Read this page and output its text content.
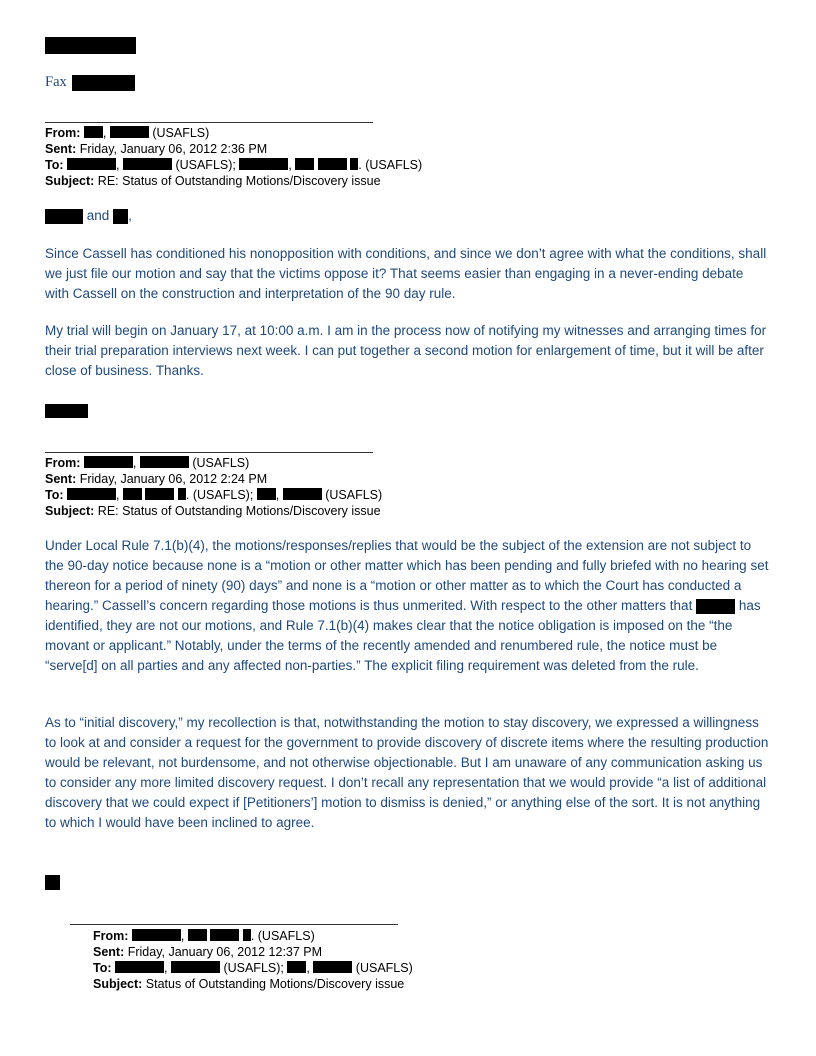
Fax
From: ,	(USAFLS)
Sent: Friday, January 06, 2012 2:36 PM
To:	,	(USAFLS);	,	. (USAFLS)
Subject: RE: Status of Outstanding Motions/Discovery issue
and ,

Since Cassell has conditioned his nonopposition with conditions, and since we don’t agree with what the conditions, shall we just file our motion and say that the victims oppose it? That seems easier than engaging in a never-ending debate with Cassell on the construction and interpretation of the 90 day rule.

My trial will begin on January 17, at 10:00 a.m. I am in the process now of notifying my witnesses and arranging times for their trial preparation interviews next week. I can put together a second motion for enlargement of time, but it will be after close of business. Thanks.

From:	,	(USAFLS)
Sent: Friday, January 06, 2012 2:24 PM
To:	,	. (USAFLS); ,	(USAFLS)
Subject: RE: Status of Outstanding Motions/Discovery issue

Under Local Rule 7.1(b)(4), the motions/responses/replies that would be the subject of the extension are not subject to the 90-day notice because none is a “motion or other matter which has been pending and fully briefed with no hearing set thereon for a period of ninety (90) days” and none is a “motion or other matter as to which the Court has conducted a hearing.” Cassell’s concern regarding those motions is thus unmerited. With respect to the other matters that	has identified, they are not our motions, and Rule 7.1(b)(4) makes clear that the notice obligation is imposed on the “the movant or applicant.” Notably, under the terms of the recently amended and renumbered rule, the notice must be “serve[d] on all parties and any affected non-parties.” The explicit filing requirement was deleted from the rule.

As to “initial discovery,” my recollection is that, notwithstanding the motion to stay discovery, we expressed a willingness to look at and consider a request for the government to provide discovery of discrete items where the resulting production would be relevant, not burdensome, and not otherwise objectionable. But I am unaware of any communication asking us to consider any more limited discovery request. I don’t recall any representation that we would provide “a list of additional discovery that we could expect if [Petitioners’] motion to dismiss is denied,” or anything else of the sort. It is not anything to which I would have been inclined to agree.

From:	,	. (USAFLS)
Sent: Friday, January 06, 2012 12:37 PM
To:	,	(USAFLS); ,	(USAFLS)
Subject: Status of Outstanding Motions/Discovery issue
